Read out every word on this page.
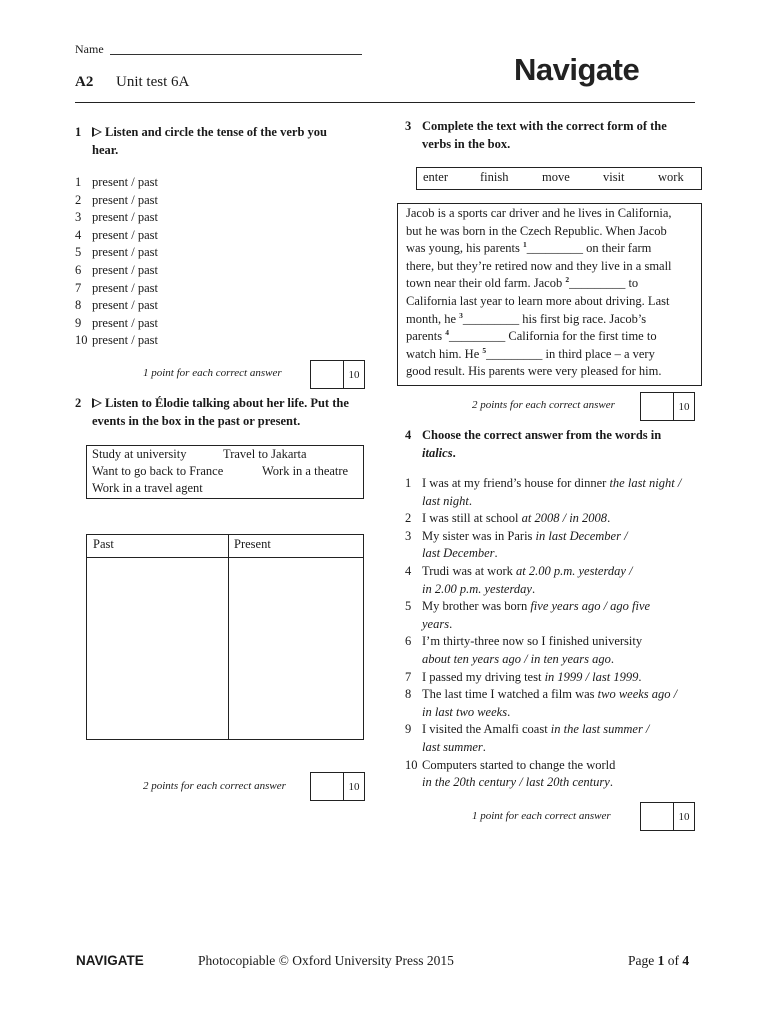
Name
A2 Unit test 6A	Navigate
1	Listen and circle the tense of the verb you
hear.
1 present / past
2 present / past
3 present / past
4 present / past
5 present / past
6 present / past
7 present / past
8 present / past
9 present / past
10 present / past
1 point for each correct answer	10
2	Listen to Élodie talking about her life. Put the
events in the box in the past or present.
Study at university	Travel to Jakarta
Want to go back to France	Work in a theatre
Work in a travel agent
Past	Present
2 points for each correct answer	10
3 Complete the text with the correct form of the
verbs in the box.
enter	finish	move	visit	work
Jacob is a sports car driver and he lives in California,
but he was born in the Czech Republic. When Jacob
was young, his parents $^1$_________ on their farm
there, but they’re retired now and they live in a small
town near their old farm. Jacob $^2$_________ to
California last year to learn more about driving. Last
month, he $^3$_________ his first big race. Jacob’s
parents $^4$_________ California for the first time to
watch him. He $^5$_________ in third place – a very
good result. His parents were very pleased for him.
2 points for each correct answer	10
4 Choose the correct answer from the words in
italics.
1 I was at my friend’s house for dinner the last night /
last night.
2 I was still at school at 2008 / in 2008.
3 My sister was in Paris in last December /
last December.
4 Trudi was at work at 2.00 p.m. yesterday /
in 2.00 p.m. yesterday.
5 My brother was born five years ago / ago five
years.
6 I’m thirty-three now so I finished university
about ten years ago / in ten years ago.
7 I passed my driving test in 1999 / last 1999.
8 The last time I watched a film was two weeks ago /
in last two weeks.
9 I visited the Amalfi coast in the last summer /
last summer.
10 Computers started to change the world
in the 20th century / last 20th century.
1 point for each correct answer	10
NAVIGATE	Photocopiable © Oxford University Press 2015	Page 1 of 4
